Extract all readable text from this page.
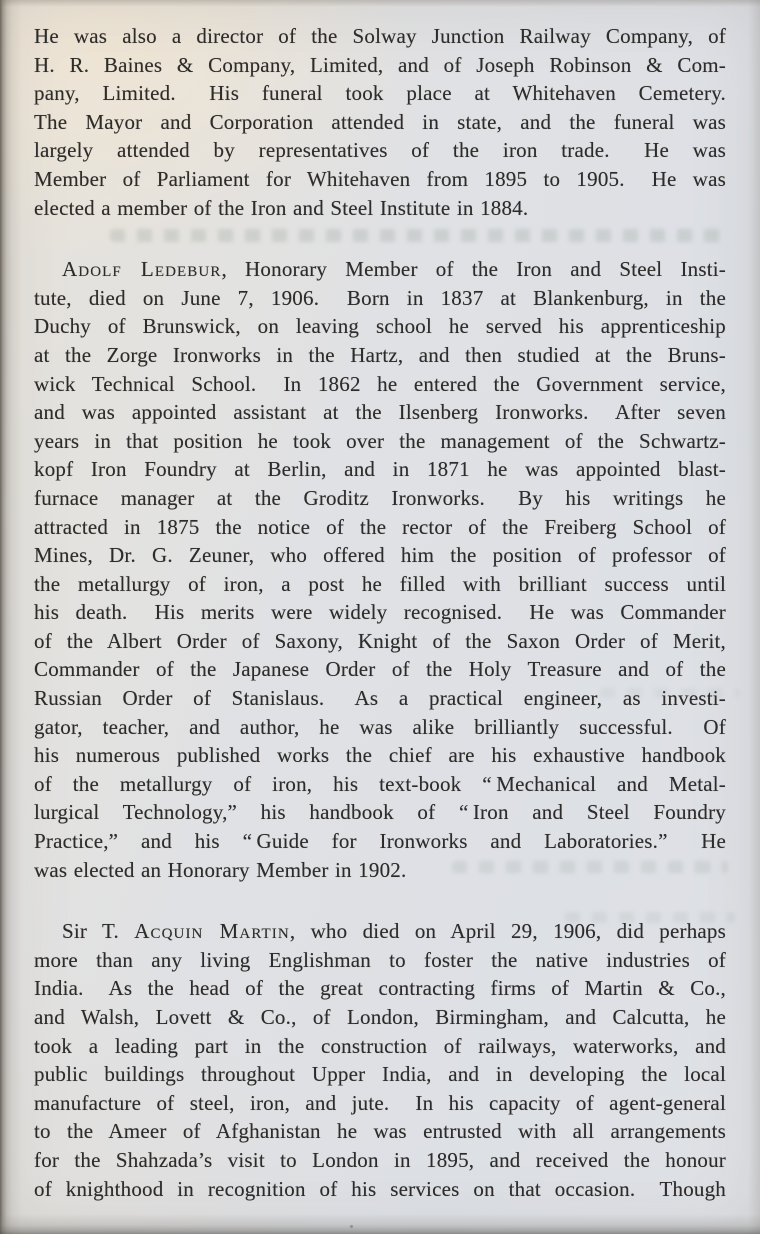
He was also a director of the Solway Junction Railway Company, of
H. R. Baines & Company, Limited, and of Joseph Robinson & Com-
pany, Limited.  His funeral took place at Whitehaven Cemetery.
The Mayor and Corporation attended in state, and the funeral was
largely attended by representatives of the iron trade.  He was
Member of Parliament for Whitehaven from 1895 to 1905.  He was
elected a member of the Iron and Steel Institute in 1884.
Adolf Ledebur, Honorary Member of the Iron and Steel Insti-
tute, died on June 7, 1906.  Born in 1837 at Blankenburg, in the
Duchy of Brunswick, on leaving school he served his apprenticeship
at the Zorge Ironworks in the Hartz, and then studied at the Bruns-
wick Technical School.  In 1862 he entered the Government service,
and was appointed assistant at the Ilsenberg Ironworks.  After seven
years in that position he took over the management of the Schwartz-
kopf Iron Foundry at Berlin, and in 1871 he was appointed blast-
furnace manager at the Groditz Ironworks.  By his writings he
attracted in 1875 the notice of the rector of the Freiberg School of
Mines, Dr. G. Zeuner, who offered him the position of professor of
the metallurgy of iron, a post he filled with brilliant success until
his death.  His merits were widely recognised.  He was Commander
of the Albert Order of Saxony, Knight of the Saxon Order of Merit,
Commander of the Japanese Order of the Holy Treasure and of the
Russian Order of Stanislaus.  As a practical engineer, as investi-
gator, teacher, and author, he was alike brilliantly successful.  Of
his numerous published works the chief are his exhaustive handbook
of the metallurgy of iron, his text-book “ Mechanical and Metal-
lurgical Technology,” his handbook of “ Iron and Steel Foundry
Practice,” and his “ Guide for Ironworks and Laboratories.”  He
was elected an Honorary Member in 1902.
Sir T. Acquin Martin, who died on April 29, 1906, did perhaps
more than any living Englishman to foster the native industries of
India.  As the head of the great contracting firms of Martin & Co.,
and Walsh, Lovett & Co., of London, Birmingham, and Calcutta, he
took a leading part in the construction of railways, waterworks, and
public buildings throughout Upper India, and in developing the local
manufacture of steel, iron, and jute.  In his capacity of agent-general
to the Ameer of Afghanistan he was entrusted with all arrangements
for the Shahzada’s visit to London in 1895, and received the honour
of knighthood in recognition of his services on that occasion.  Though
